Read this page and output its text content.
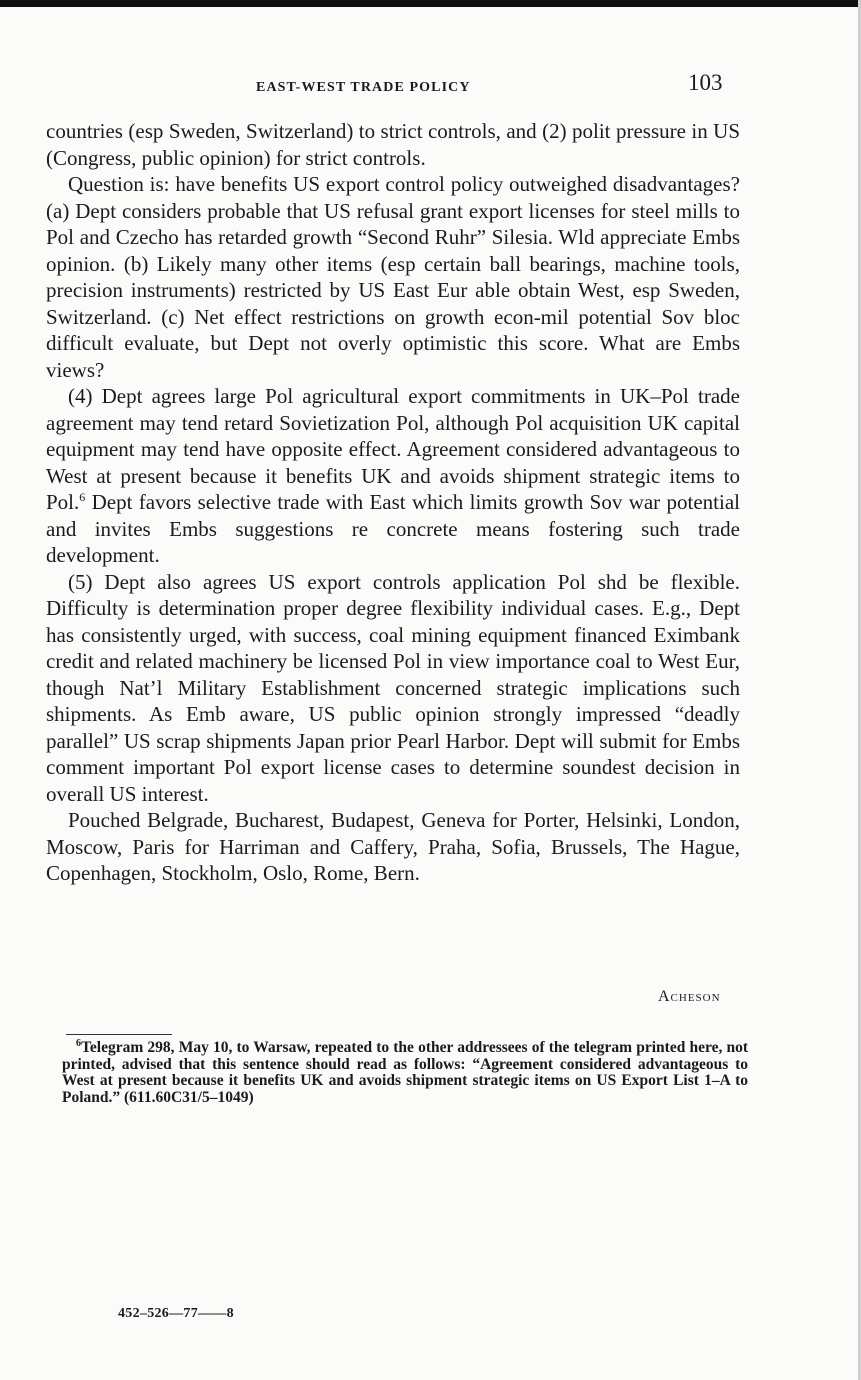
EAST-WEST TRADE POLICY	103

countries (esp Sweden, Switzerland) to strict controls, and (2) polit pressure in US (Congress, public opinion) for strict controls.

Question is: have benefits US export control policy outweighed disadvantages? (a) Dept considers probable that US refusal grant export licenses for steel mills to Pol and Czecho has retarded growth “Second Ruhr” Silesia. Wld appreciate Embs opinion. (b) Likely many other items (esp certain ball bearings, machine tools, precision instruments) restricted by US East Eur able obtain West, esp Sweden, Switzerland. (c) Net effect restrictions on growth econ-mil potential Sov bloc difficult evaluate, but Dept not overly optimistic this score. What are Embs views?

(4) Dept agrees large Pol agricultural export commitments in UK–Pol trade agreement may tend retard Sovietization Pol, although Pol acquisition UK capital equipment may tend have opposite effect. Agreement considered advantageous to West at present because it benefits UK and avoids shipment strategic items to Pol.$^6$ Dept favors selective trade with East which limits growth Sov war potential and invites Embs suggestions re concrete means fostering such trade development.

(5) Dept also agrees US export controls application Pol shd be flexible. Difficulty is determination proper degree flexibility individual cases. E.g., Dept has consistently urged, with success, coal mining equipment financed Eximbank credit and related machinery be licensed Pol in view importance coal to West Eur, though Nat’l Military Establishment concerned strategic implications such shipments. As Emb aware, US public opinion strongly impressed “deadly parallel” US scrap shipments Japan prior Pearl Harbor. Dept will submit for Embs comment important Pol export license cases to determine soundest decision in overall US interest.

Pouched Belgrade, Bucharest, Budapest, Geneva for Porter, Helsinki, London, Moscow, Paris for Harriman and Caffery, Praha, Sofia, Brussels, The Hague, Copenhagen, Stockholm, Oslo, Rome, Bern.

Acheson

$^6$Telegram 298, May 10, to Warsaw, repeated to the other addressees of the telegram printed here, not printed, advised that this sentence should read as follows: “Agreement considered advantageous to West at present because it benefits UK and avoids shipment strategic items on US Export List 1–A to Poland.” (611.60C31/5–1049)

452–526—77——8
